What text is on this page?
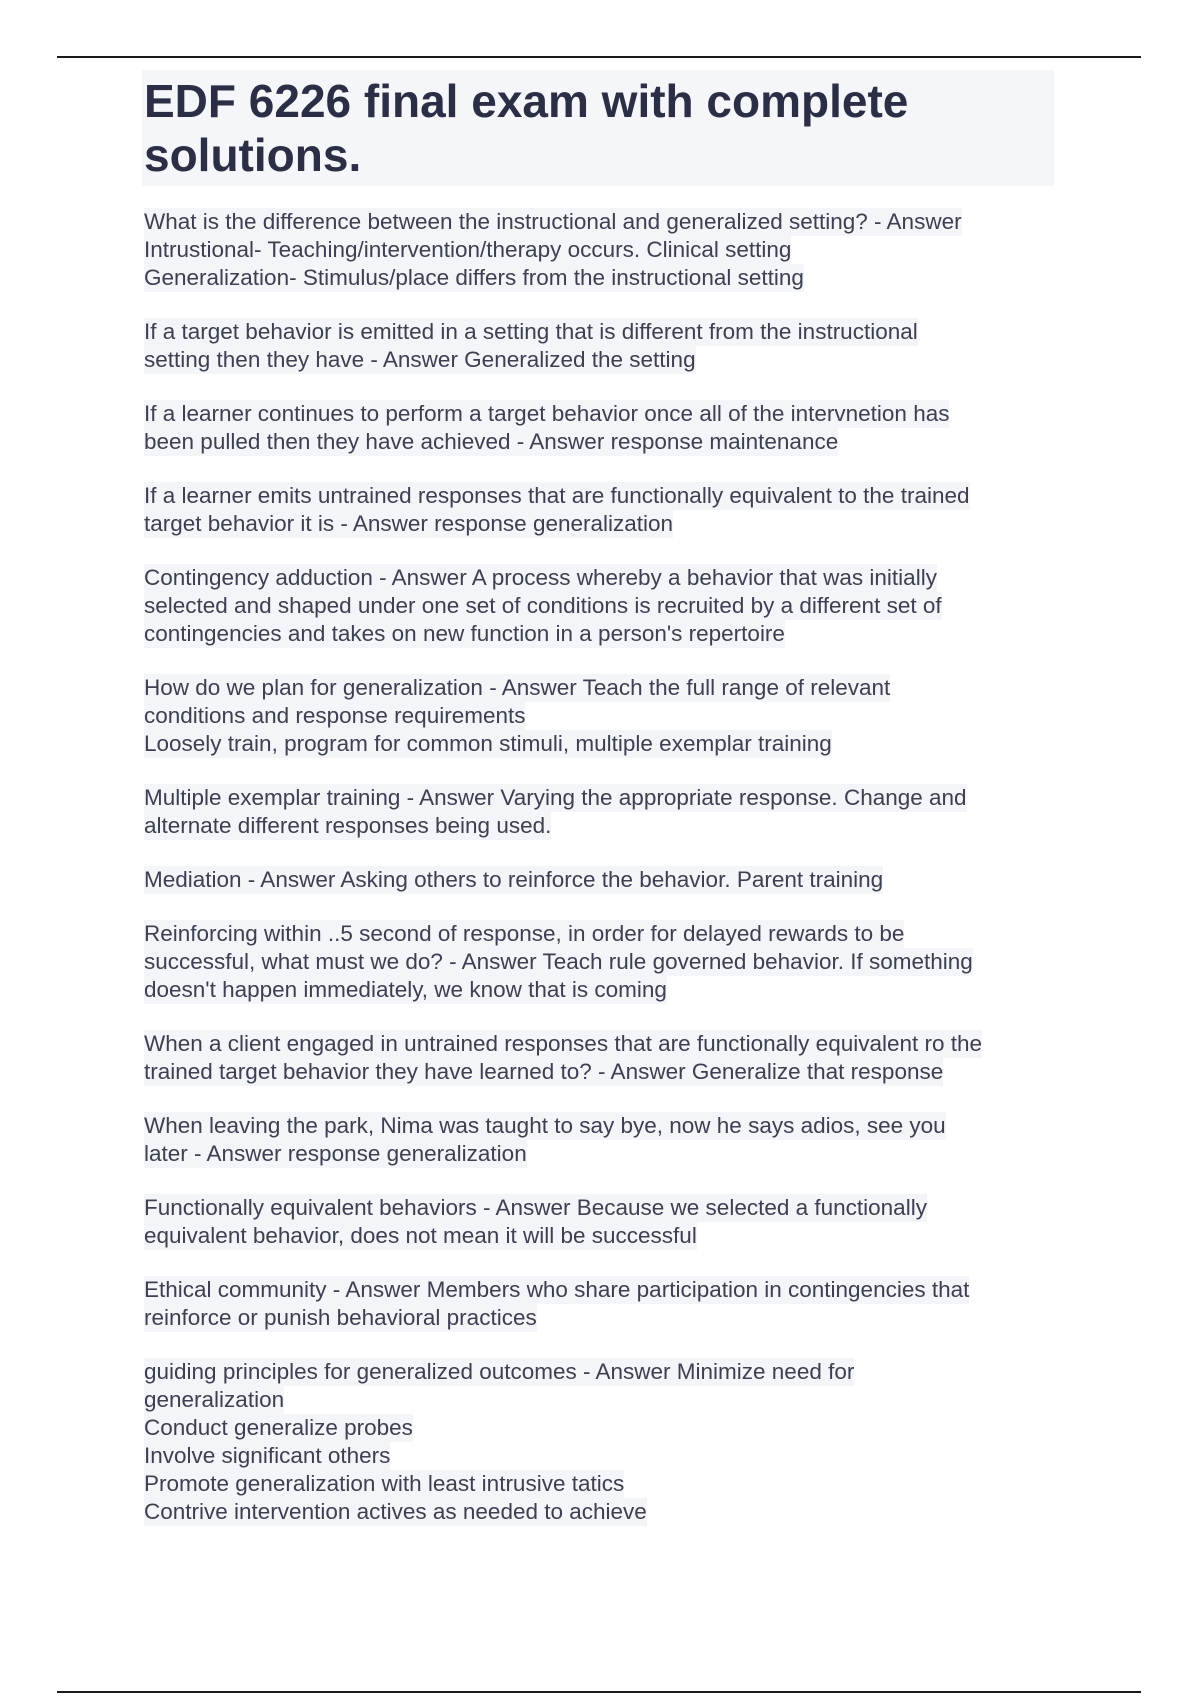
EDF 6226 final exam with complete
solutions.
What is the difference between the instructional and generalized setting? - Answer
Intrustional- Teaching/intervention/therapy occurs. Clinical setting
Generalization- Stimulus/place differs from the instructional setting
If a target behavior is emitted in a setting that is different from the instructional
setting then they have - Answer Generalized the setting
If a learner continues to perform a target behavior once all of the intervnetion has
been pulled then they have achieved - Answer response maintenance
If a learner emits untrained responses that are functionally equivalent to the trained
target behavior it is - Answer response generalization
Contingency adduction - Answer A process whereby a behavior that was initially
selected and shaped under one set of conditions is recruited by a different set of
contingencies and takes on new function in a person's repertoire
How do we plan for generalization - Answer Teach the full range of relevant
conditions and response requirements
Loosely train, program for common stimuli, multiple exemplar training
Multiple exemplar training - Answer Varying the appropriate response. Change and
alternate different responses being used.
Mediation - Answer Asking others to reinforce the behavior. Parent training
Reinforcing within ..5 second of response, in order for delayed rewards to be
successful, what must we do? - Answer Teach rule governed behavior. If something
doesn't happen immediately, we know that is coming
When a client engaged in untrained responses that are functionally equivalent ro the
trained target behavior they have learned to? - Answer Generalize that response
When leaving the park, Nima was taught to say bye, now he says adios, see you
later - Answer response generalization
Functionally equivalent behaviors - Answer Because we selected a functionally
equivalent behavior, does not mean it will be successful
Ethical community - Answer Members who share participation in contingencies that
reinforce or punish behavioral practices
guiding principles for generalized outcomes - Answer Minimize need for
generalization
Conduct generalize probes
Involve significant others
Promote generalization with least intrusive tatics
Contrive intervention actives as needed to achieve
